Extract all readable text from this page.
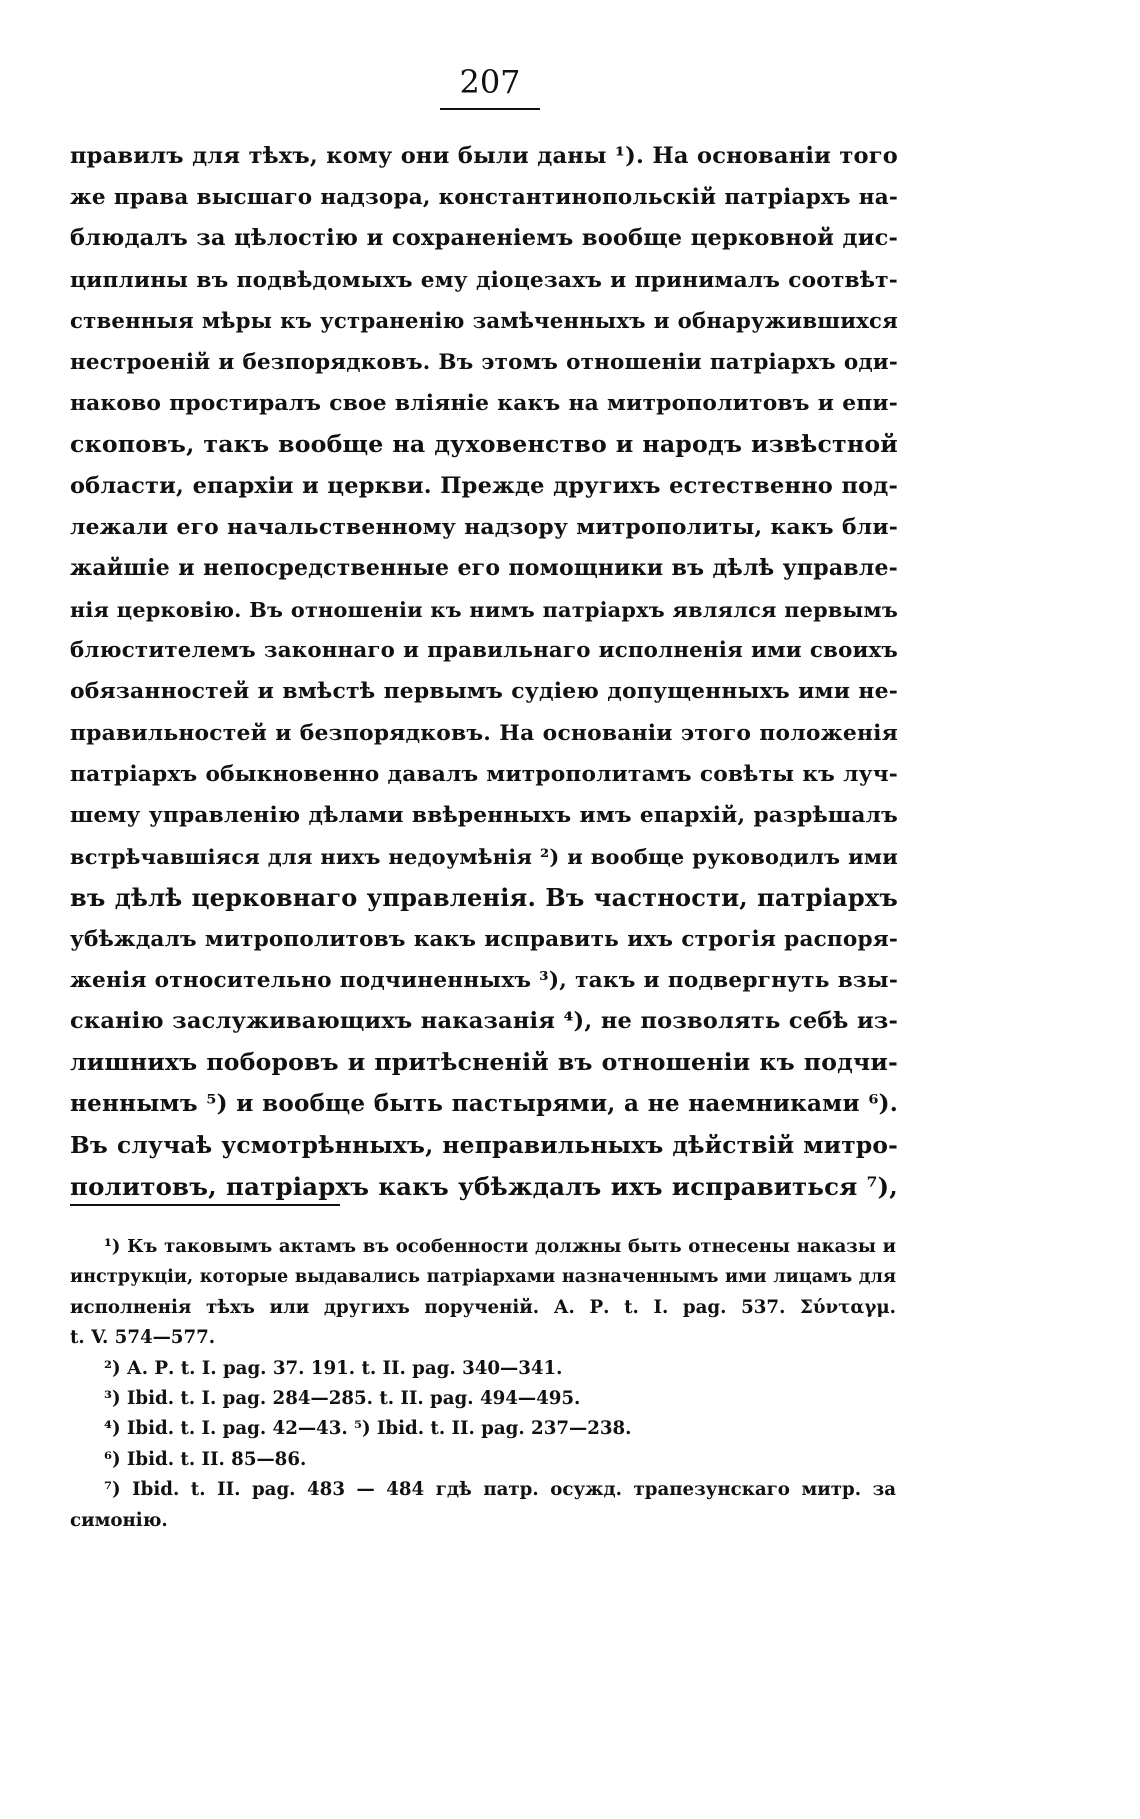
207
правилъ для тѣхъ, кому они были даны ¹). На основаніи того
же права высшаго надзора, константинопольскій патріархъ на-
блюдалъ за цѣлостію и сохраненіемъ вообще церковной дис-
циплины въ подвѣдомыхъ ему діоцезахъ и принималъ соотвѣт-
ственныя мѣры къ устраненію замѣченныхъ и обнаружившихся
нестроеній и безпорядковъ. Въ этомъ отношеніи патріархъ оди-
наково простиралъ свое вліяніе какъ на митрополитовъ и епи-
скоповъ, такъ вообще на духовенство и народъ извѣстной
области, епархіи и церкви. Прежде другихъ естественно под-
лежали его начальственному надзору митрополиты, какъ бли-
жайшіе и непосредственные его помощники въ дѣлѣ управле-
нія церковію. Въ отношеніи къ нимъ патріархъ являлся первымъ
блюстителемъ законнаго и правильнаго исполненія ими своихъ
обязанностей и вмѣстѣ первымъ судіею допущенныхъ ими не-
правильностей и безпорядковъ. На основаніи этого положенія
патріархъ обыкновенно давалъ митрополитамъ совѣты къ луч-
шему управленію дѣлами ввѣренныхъ имъ епархій, разрѣшалъ
встрѣчавшіяся для нихъ недоумѣнія ²) и вообще руководилъ ими
въ дѣлѣ церковнаго управленія. Въ частности, патріархъ
убѣждалъ митрополитовъ какъ исправить ихъ строгія распоря-
женія относительно подчиненныхъ ³), такъ и подвергнуть взы-
сканію заслуживающихъ наказанія ⁴), не позволять себѣ из-
лишнихъ поборовъ и притѣсненій въ отношеніи къ подчи-
неннымъ ⁵) и вообще быть пастырями, а не наемниками ⁶).
Въ случаѣ усмотрѣнныхъ, неправильныхъ дѣйствій митро-
политовъ, патріархъ какъ убѣждалъ ихъ исправиться ⁷),
¹) Къ таковымъ актамъ въ особенности должны быть отнесены наказы и
инструкціи, которые выдавались патріархами назначеннымъ ими лицамъ для
исполненія тѣхъ или другихъ порученій. А. Р. t. I. pag. 537. Σύνταγμ.
t. V. 574—577.
²) А. Р. t. I. pag. 37. 191. t. II. pag. 340—341.
³) Ibid. t. I. pag. 284—285. t. II. pag. 494—495.
⁴) Ibid. t. I. pag. 42—43. ⁵) Ibid. t. II. pag. 237—238.
⁶) Ibid. t. II. 85—86.
⁷) Ibid. t. II. pag. 483 — 484 гдѣ патр. осужд. трапезунскаго митр. за
симонію.
